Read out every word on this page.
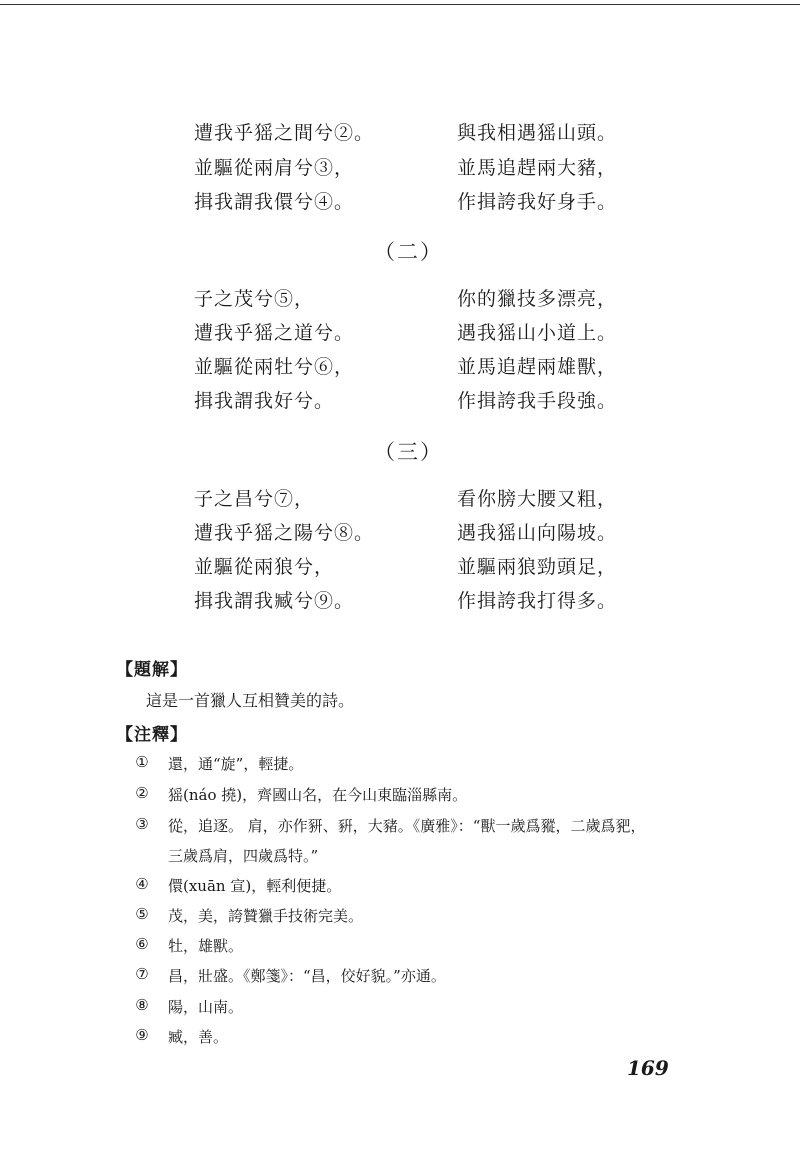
遭我乎猺之間兮②。
並驅從兩肩兮③，
揖我謂我儇兮④。
與我相遇猺山頭。
並馬追趕兩大豬，
作揖誇我好身手。
（二）
子之茂兮⑤，
遭我乎猺之道兮。
並驅從兩牡兮⑥，
揖我謂我好兮。
你的獵技多漂亮，
遇我猺山小道上。
並馬追趕兩雄獸，
作揖誇我手段強。
（三）
子之昌兮⑦，
遭我乎猺之陽兮⑧。
並驅從兩狼兮，
揖我謂我臧兮⑨。
看你膀大腰又粗，
遇我猺山向陽坡。
並驅兩狼勁頭足，
作揖誇我打得多。
【題解】
這是一首獵人互相贊美的詩。
【注釋】
① 還，通“旋”，輕捷。
② 猺(náo 撓)，齊國山名，在今山東臨淄縣南。
③ 從，追逐。 肩，亦作豜、豣，大豬。《廣雅》：“獸一歲爲豵，二歲爲豝，
三歲爲肩，四歲爲特。”
④ 儇(xuān 宣)，輕利便捷。
⑤ 茂，美，誇贊獵手技術完美。
⑥ 牡，雄獸。
⑦ 昌，壯盛。《鄭箋》：“昌，佼好貌。”亦通。
⑧ 陽，山南。
⑨ 臧，善。
169
